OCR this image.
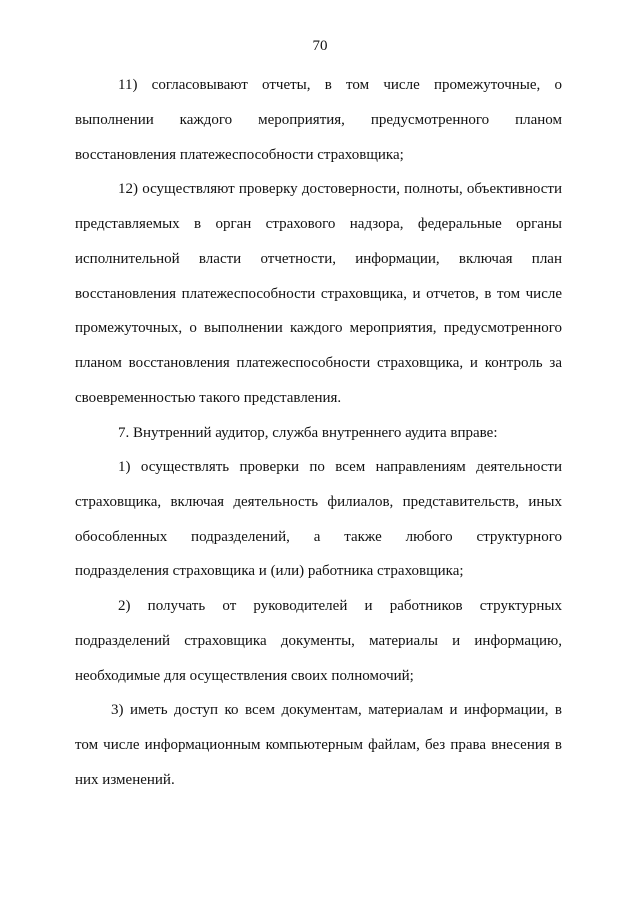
70
11) согласовывают отчеты, в том числе промежуточные, о
выполнении каждого мероприятия, предусмотренного планом
восстановления платежеспособности страховщика;
12) осуществляют проверку достоверности, полноты, объективности
представляемых в орган страхового надзора, федеральные органы
исполнительной власти отчетности, информации, включая план
восстановления платежеспособности страховщика, и отчетов, в том числе
промежуточных, о выполнении каждого мероприятия, предусмотренного
планом восстановления платежеспособности страховщика, и контроль за
своевременностью такого представления.
7. Внутренний аудитор, служба внутреннего аудита вправе:
1) осуществлять проверки по всем направлениям деятельности
страховщика, включая деятельность филиалов, представительств, иных
обособленных подразделений, а также любого структурного
подразделения страховщика и (или) работника страховщика;
2) получать от руководителей и работников структурных
подразделений страховщика документы, материалы и информацию,
необходимые для осуществления своих полномочий;
3) иметь доступ ко всем документам, материалам и информации, в
том числе информационным компьютерным файлам, без права внесения в
них изменений.
